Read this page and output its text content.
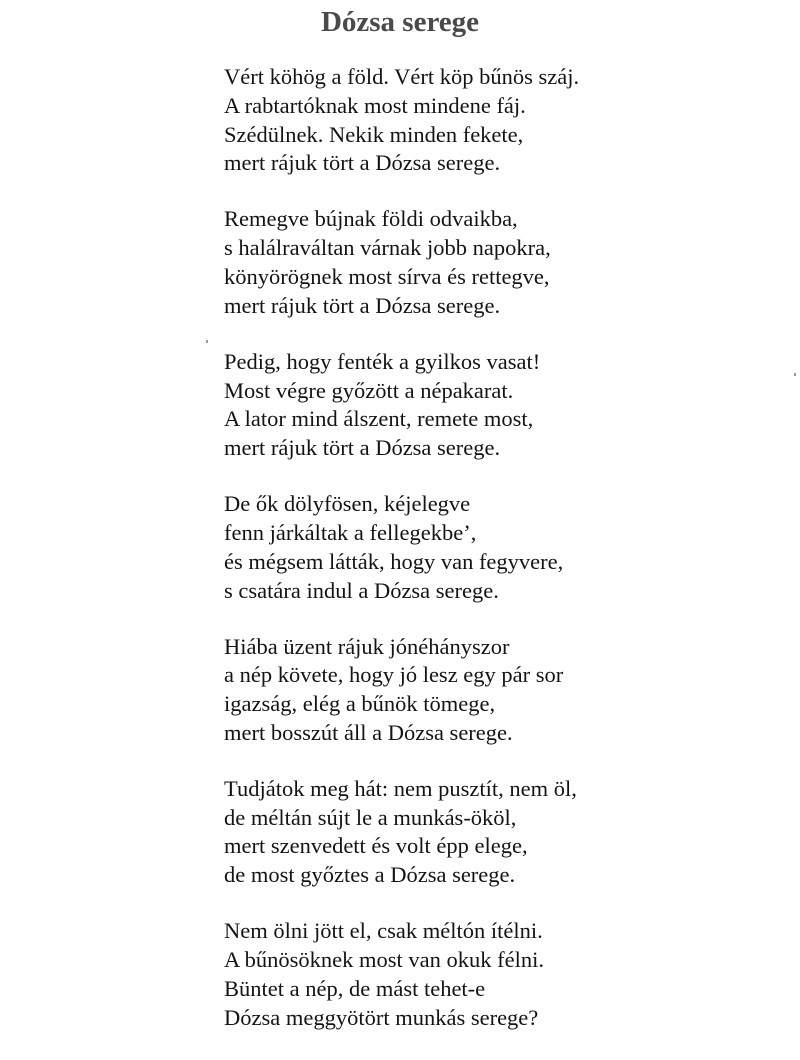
Dózsa serege
Vért köhög a föld. Vért köp bűnös száj.
A rabtartóknak most mindene fáj.
Szédülnek. Nekik minden fekete,
mert rájuk tört a Dózsa serege.
Remegve bújnak földi odvaikba,
s halálraváltan várnak jobb napokra,
könyörögnek most sírva és rettegve,
mert rájuk tört a Dózsa serege.
Pedig, hogy fenték a gyilkos vasat!
Most végre győzött a népakarat.
A lator mind álszent, remete most,
mert rájuk tört a Dózsa serege.
De ők dölyfösen, kéjelegve
fenn járkáltak a fellegekbe’,
és mégsem látták, hogy van fegyvere,
s csatára indul a Dózsa serege.
Hiába üzent rájuk jónéhányszor
a nép követe, hogy jó lesz egy pár sor
igazság, elég a bűnök tömege,
mert bosszút áll a Dózsa serege.
Tudjátok meg hát: nem pusztít, nem öl,
de méltán sújt le a munkás-ököl,
mert szenvedett és volt épp elege,
de most győztes a Dózsa serege.
Nem ölni jött el, csak méltón ítélni.
A bűnösöknek most van okuk félni.
Büntet a nép, de mást tehet-e
Dózsa meggyötört munkás serege?
